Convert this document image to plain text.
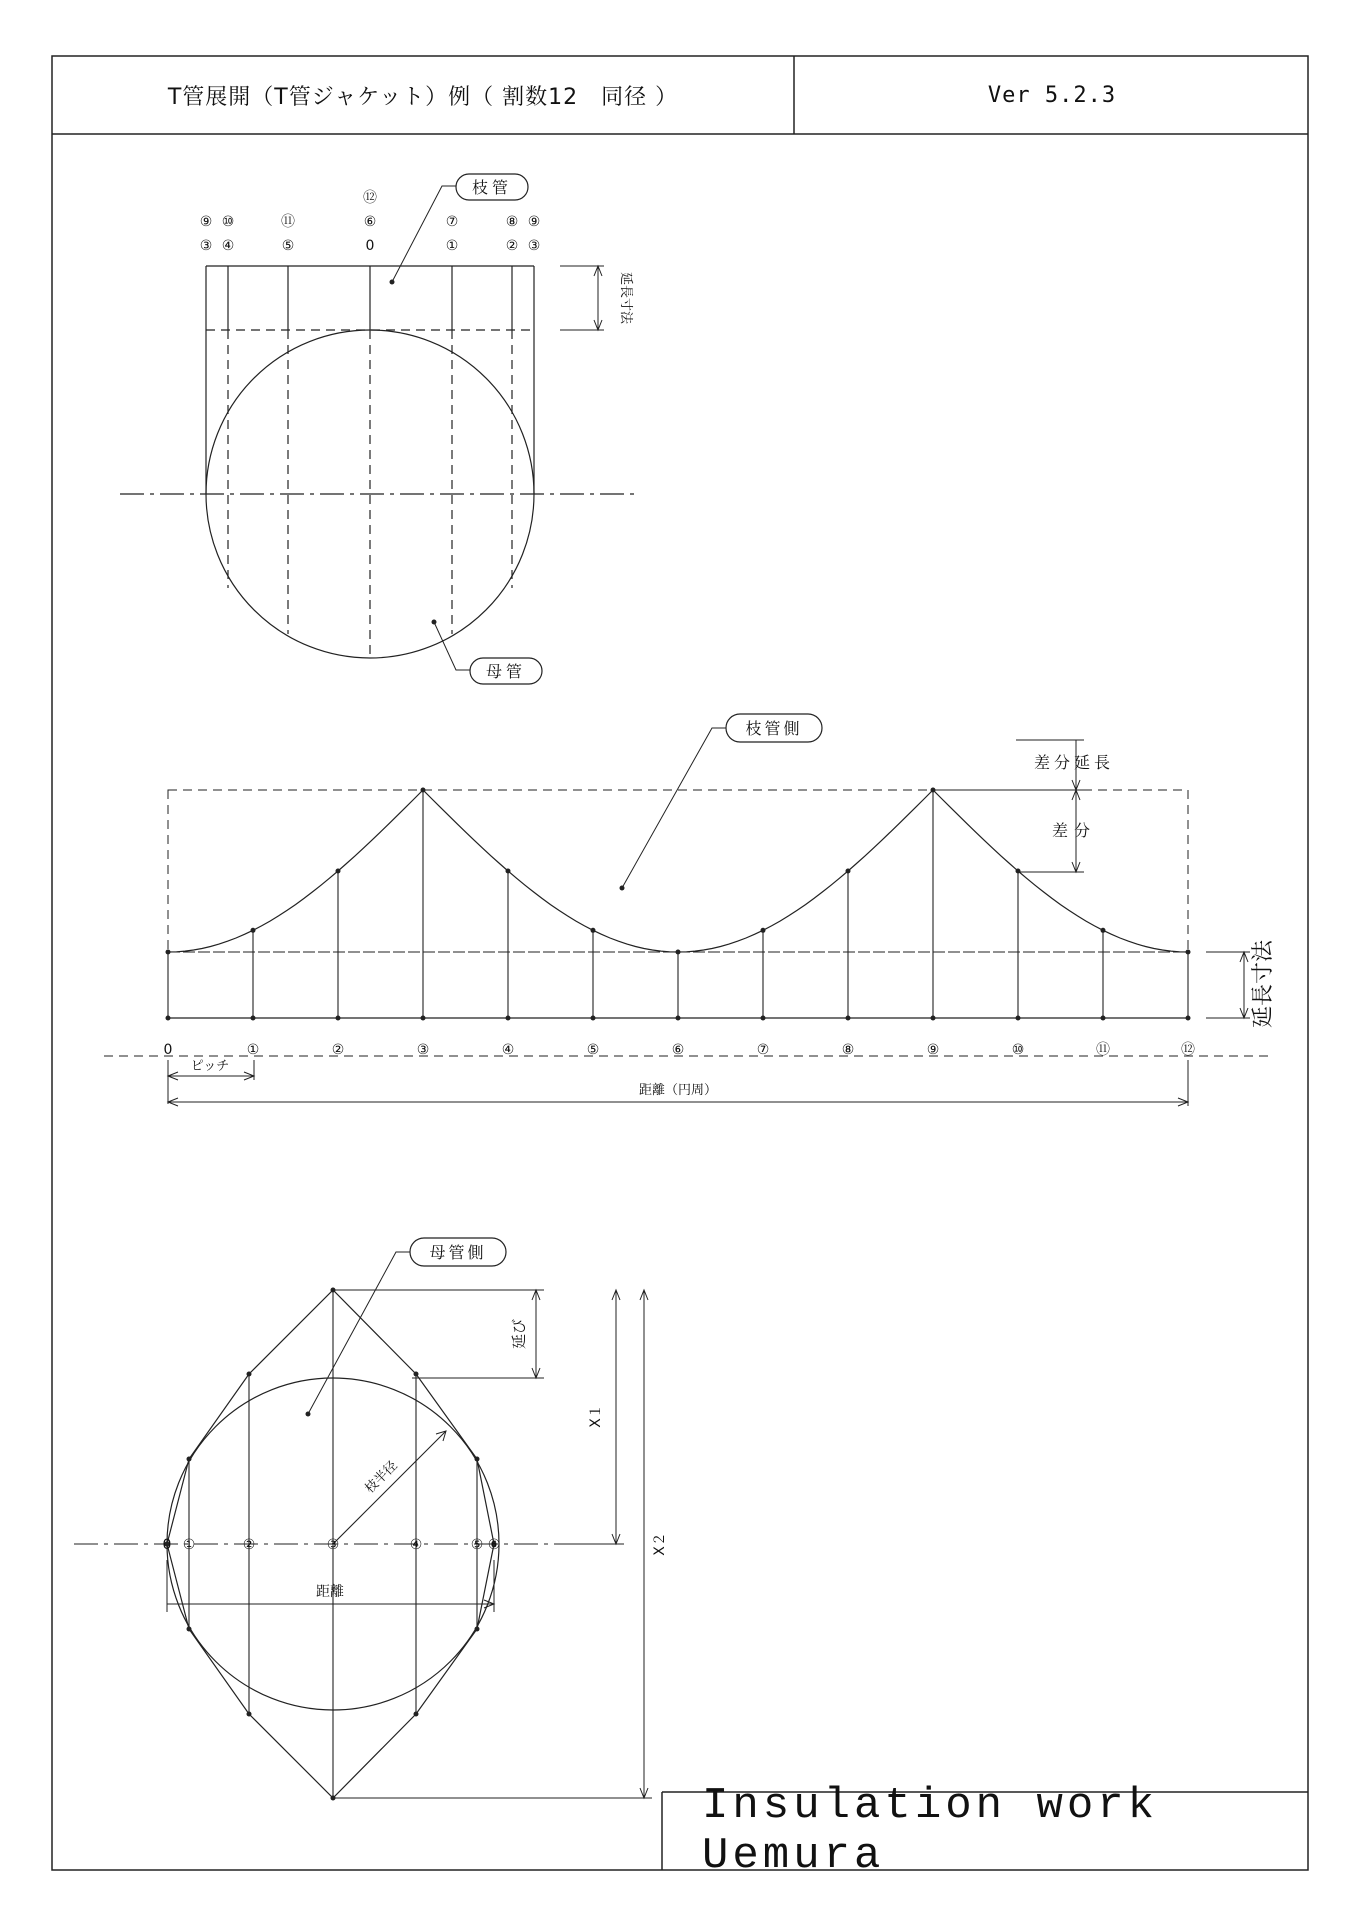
T管展開（T管ジャケット）例（ 割数12　同径 ）	Ver 5.2.3
⑫
⑨ ⑩	⑪	⑥	⑦	⑧ ⑨
③ ④	⑤	0	①	② ③
枝管
母管
延長寸法
0	①	②	③	④	⑤	⑥	⑦	⑧	⑨	⑩	⑪	⑫
枝管側
差分延長
差分
延長寸法
ピッチ
距離（円周）
0 ①	②	③	④	⑤ ⑥
枝半径
母管側
延び
X１
X２
距離
Insulation work Uemura
